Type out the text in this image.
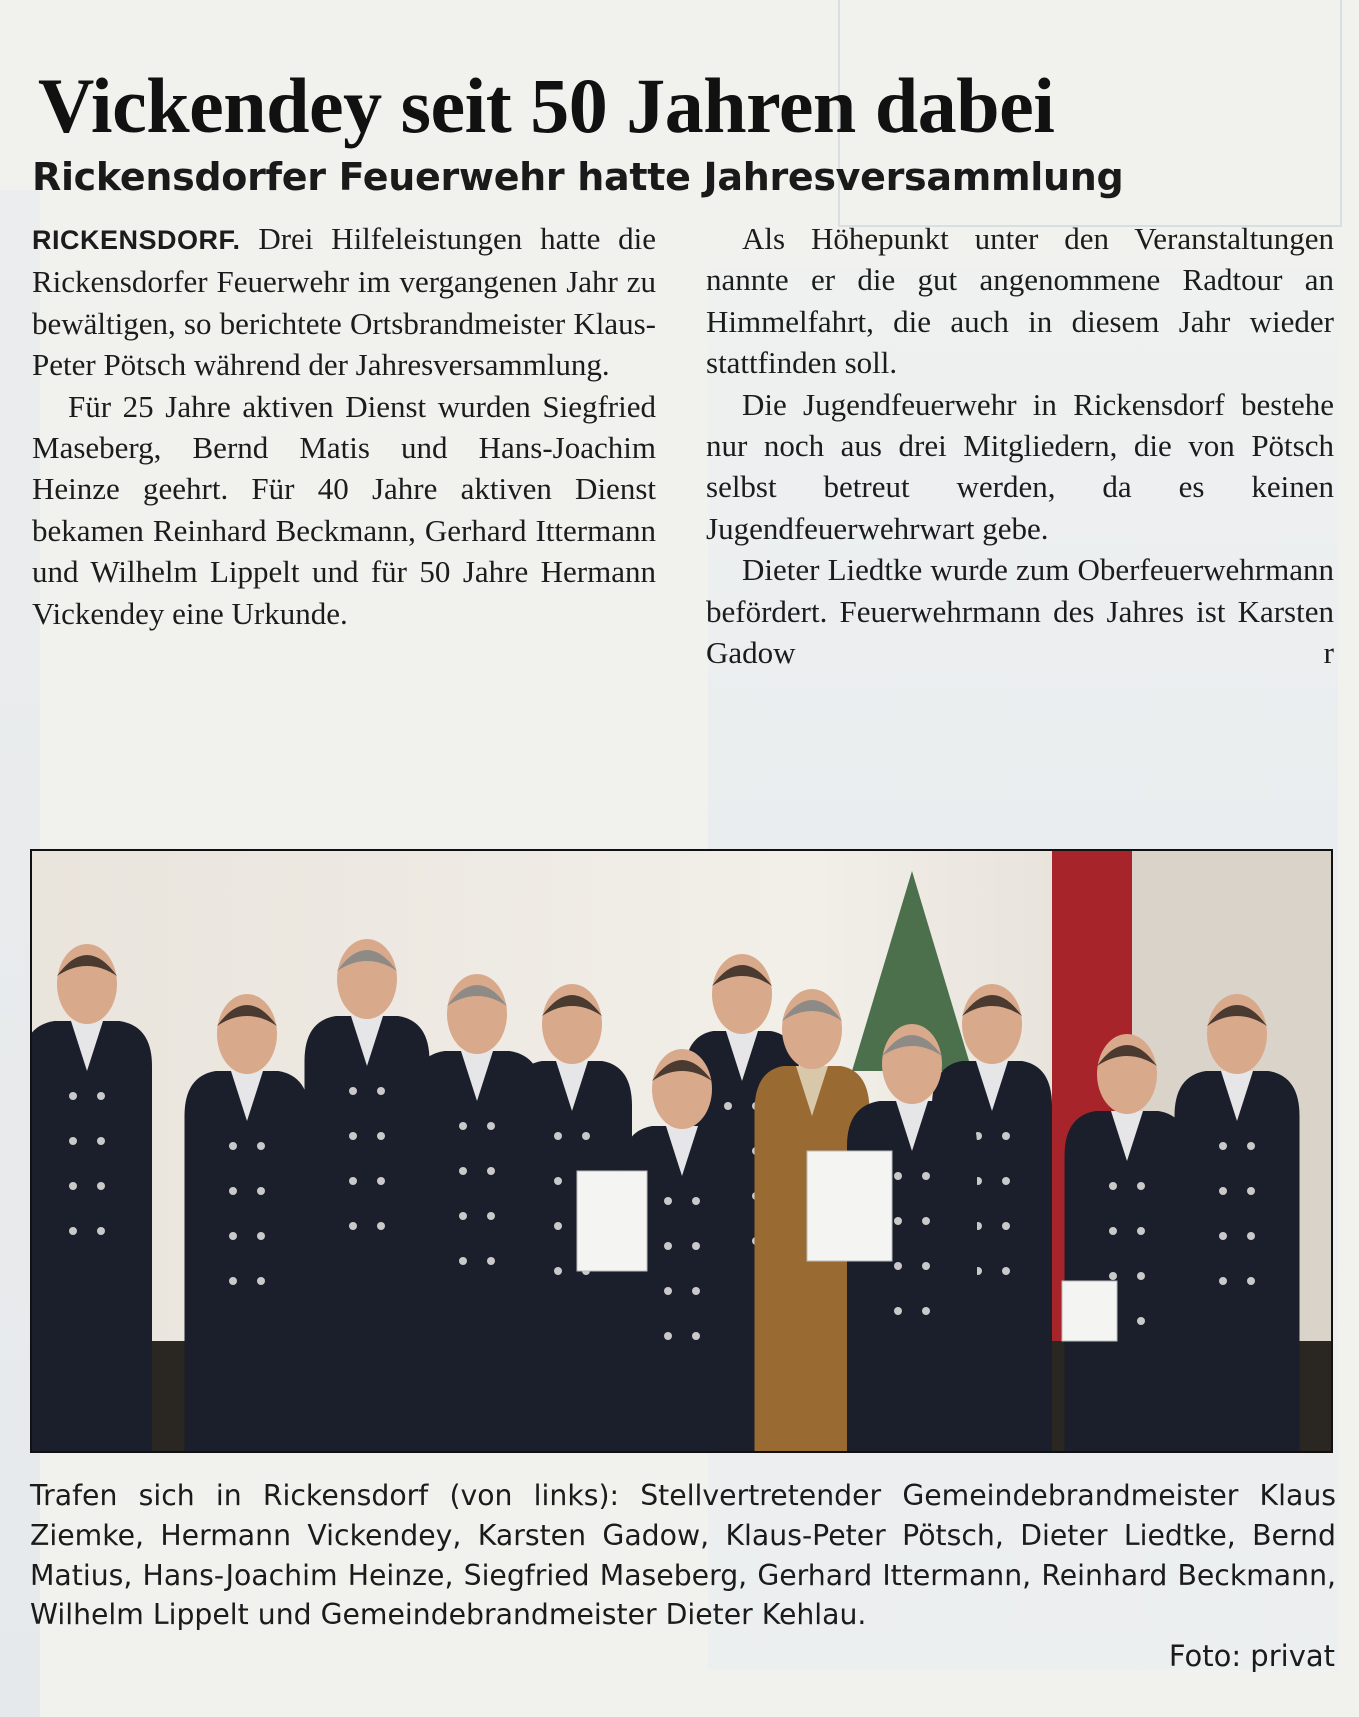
Vickendey seit 50 Jahren dabei
Rickensdorfer Feuerwehr hatte Jahresversammlung

RICKENSDORF. Drei Hilfeleistungen hatte die Rickensdorfer Feuerwehr im vergangenen Jahr zu bewältigen, so berichtete Ortsbrandmeister Klaus-Peter Pötsch während der Jahresversammlung.

Für 25 Jahre aktiven Dienst wurden Siegfried Maseberg, Bernd Matis und Hans-Joachim Heinze geehrt. Für 40 Jahre aktiven Dienst bekamen Reinhard Beckmann, Gerhard Ittermann und Wilhelm Lippelt und für 50 Jahre Hermann Vickendey eine Urkunde.

Als Höhepunkt unter den Veranstaltungen nannte er die gut angenommene Radtour an Himmelfahrt, die auch in diesem Jahr wieder stattfinden soll.

Die Jugendfeuerwehr in Rickensdorf bestehe nur noch aus drei Mitgliedern, die von Pötsch selbst betreut werden, da es keinen Jugendfeuerwehrwart gebe.

Dieter Liedtke wurde zum Oberfeuerwehrmann befördert. Feuerwehrmann des Jahres ist Karsten Gadow	r

Trafen sich in Rickensdorf (von links): Stellvertretender Gemeindebrandmeister Klaus Ziemke, Hermann Vickendey, Karsten Gadow, Klaus-Peter Pötsch, Dieter Liedtke, Bernd Matius, Hans-Joachim Heinze, Siegfried Maseberg, Gerhard Ittermann, Reinhard Beckmann, Wilhelm Lippelt und Gemeindebrandmeister Dieter Kehlau.
Foto: privat
